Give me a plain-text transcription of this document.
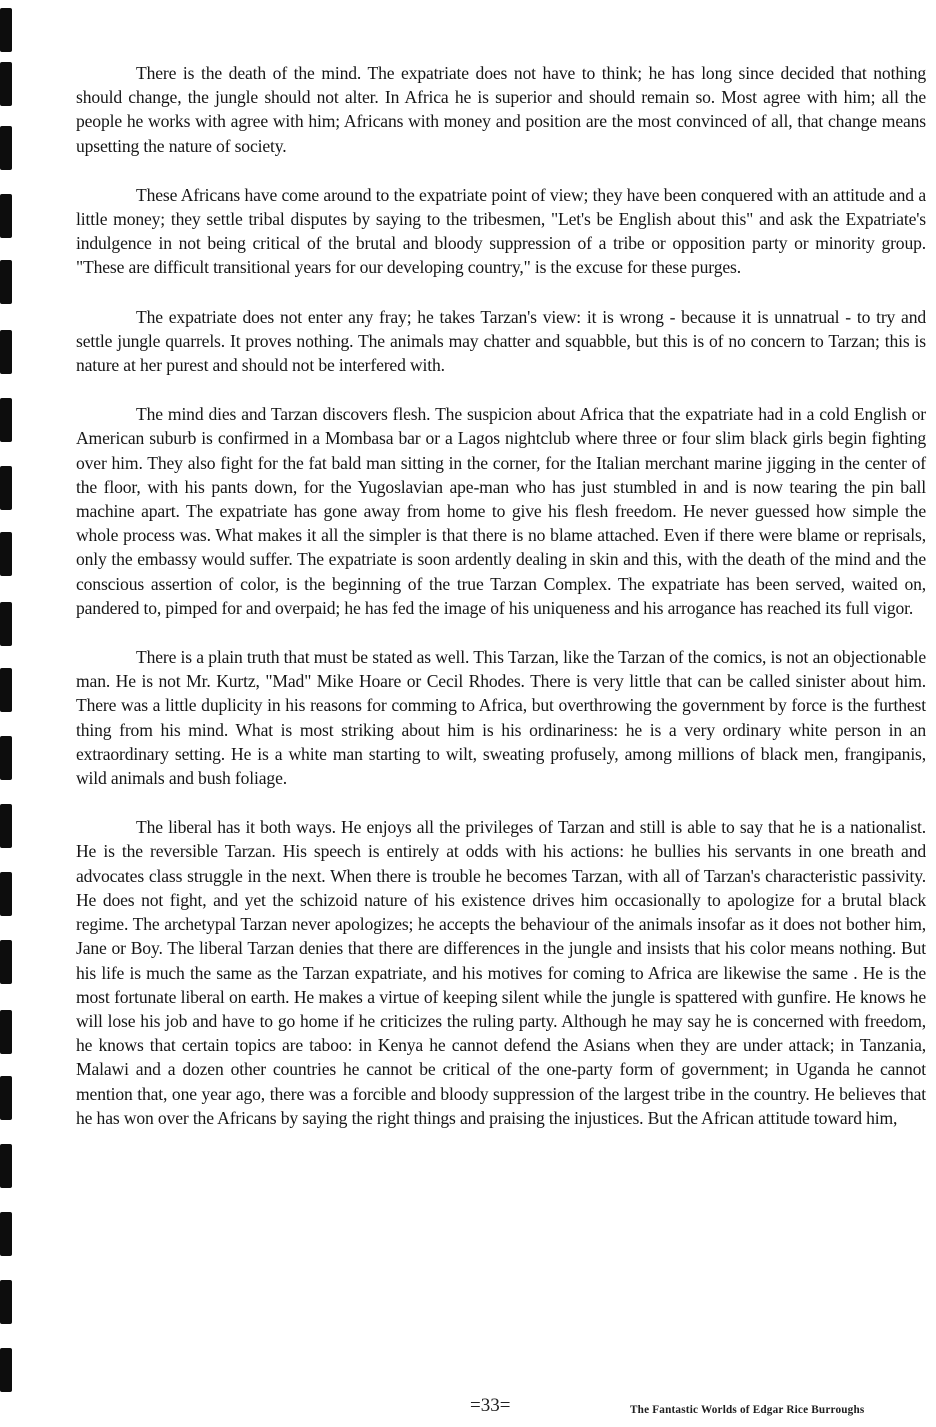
There is the death of the mind. The expatriate does not have to think; he has long since decided that nothing should change, the jungle should not alter. In Africa he is superior and should remain so. Most agree with him; all the people he works with agree with him; Africans with money and position are the most convinced of all, that change means upsetting the nature of society.

These Africans have come around to the expatriate point of view; they have been conquered with an attitude and a little money; they settle tribal disputes by saying to the tribesmen, "Let's be English about this" and ask the Expatriate's indulgence in not being critical of the brutal and bloody suppression of a tribe or opposition party or minority group. "These are difficult transitional years for our developing country," is the excuse for these purges.

The expatriate does not enter any fray; he takes Tarzan's view: it is wrong - because it is unnatrual - to try and settle jungle quarrels. It proves nothing. The animals may chatter and squabble, but this is of no concern to Tarzan; this is nature at her purest and should not be interfered with.

The mind dies and Tarzan discovers flesh. The suspicion about Africa that the expatriate had in a cold English or American suburb is confirmed in a Mombasa bar or a Lagos nightclub where three or four slim black girls begin fighting over him. They also fight for the fat bald man sitting in the corner, for the Italian merchant marine jigging in the center of the floor, with his pants down, for the Yugoslavian ape-man who has just stumbled in and is now tearing the pin ball machine apart. The expatriate has gone away from home to give his flesh freedom. He never guessed how simple the whole process was. What makes it all the simpler is that there is no blame attached. Even if there were blame or reprisals, only the embassy would suffer. The expatriate is soon ardently dealing in skin and this, with the death of the mind and the conscious assertion of color, is the beginning of the true Tarzan Complex. The expatriate has been served, waited on, pandered to, pimped for and overpaid; he has fed the image of his uniqueness and his arrogance has reached its full vigor.

There is a plain truth that must be stated as well. This Tarzan, like the Tarzan of the comics, is not an objectionable man. He is not Mr. Kurtz, "Mad" Mike Hoare or Cecil Rhodes. There is very little that can be called sinister about him. There was a little duplicity in his reasons for comming to Africa, but overthrowing the government by force is the furthest thing from his mind. What is most striking about him is his ordinariness: he is a very ordinary white person in an extraordinary setting. He is a white man starting to wilt, sweating profusely, among millions of black men, frangipanis, wild animals and bush foliage.

The liberal has it both ways. He enjoys all the privileges of Tarzan and still is able to say that he is a nationalist. He is the reversible Tarzan. His speech is entirely at odds with his actions: he bullies his servants in one breath and advocates class struggle in the next. When there is trouble he becomes Tarzan, with all of Tarzan's characteristic passivity. He does not fight, and yet the schizoid nature of his existence drives him occasionally to apologize for a brutal black regime. The archetypal Tarzan never apologizes; he accepts the behaviour of the animals insofar as it does not bother him, Jane or Boy. The liberal Tarzan denies that there are differences in the jungle and insists that his color means nothing. But his life is much the same as the Tarzan expatriate, and his motives for coming to Africa are likewise the same . He is the most fortunate liberal on earth. He makes a virtue of keeping silent while the jungle is spattered with gunfire. He knows he will lose his job and have to go home if he criticizes the ruling party. Although he may say he is concerned with freedom, he knows that certain topics are taboo: in Kenya he cannot defend the Asians when they are under attack; in Tanzania, Malawi and a dozen other countries he cannot be critical of the one-party form of government; in Uganda he cannot mention that, one year ago, there was a forcible and bloody suppression of the largest tribe in the country. He believes that he has won over the Africans by saying the right things and praising the injustices. But the African attitude toward him,

=33=	The Fantastic Worlds of Edgar Rice Burroughs
